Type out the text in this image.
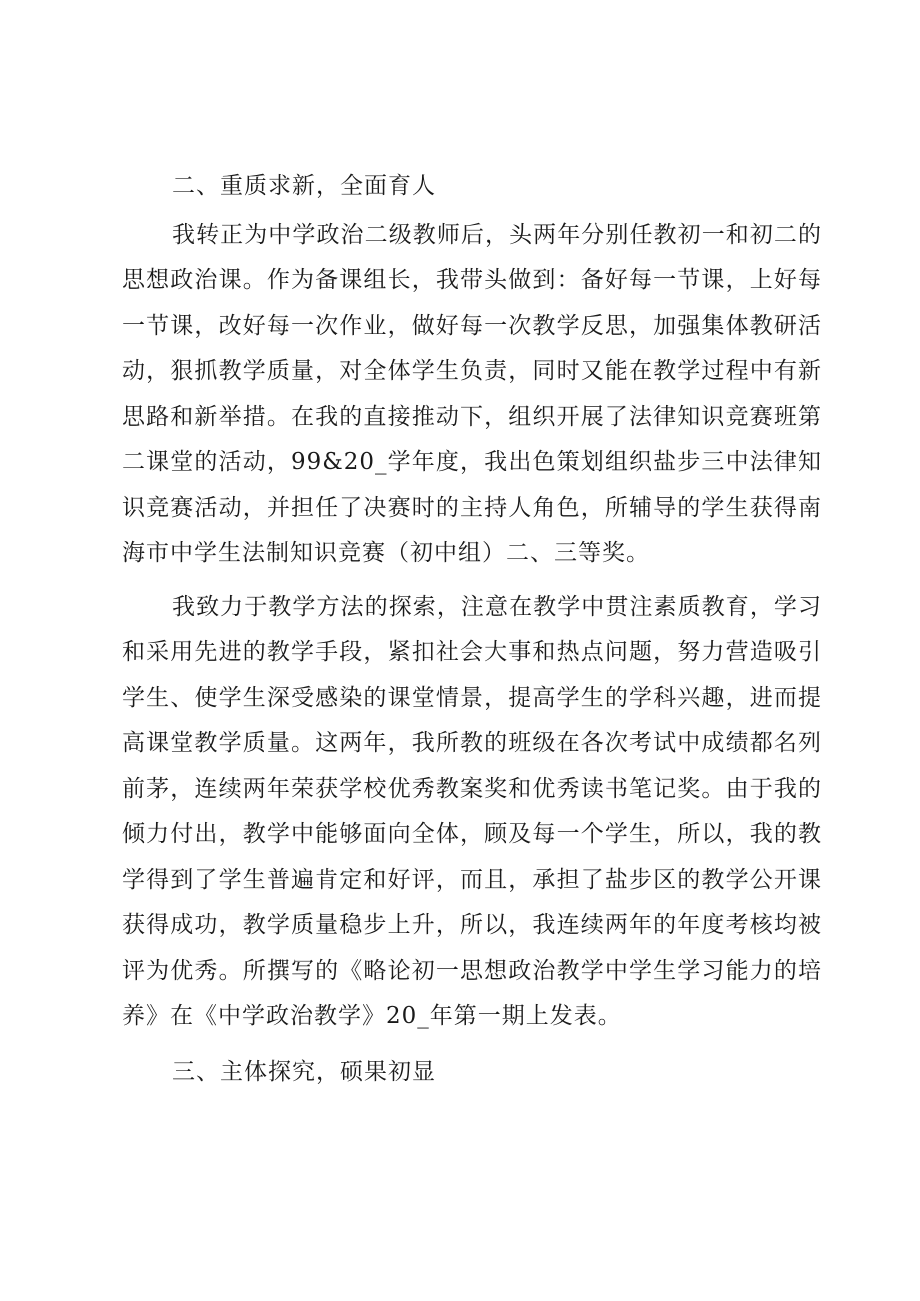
二、重质求新，全面育人

我转正为中学政治二级教师后，头两年分别任教初一和初二的思想政治课。作为备课组长，我带头做到：备好每一节课，上好每一节课，改好每一次作业，做好每一次教学反思，加强集体教研活动，狠抓教学质量，对全体学生负责，同时又能在教学过程中有新思路和新举措。在我的直接推动下，组织开展了法律知识竞赛班第二课堂的活动，99&20_学年度，我出色策划组织盐步三中法律知识竞赛活动，并担任了决赛时的主持人角色，所辅导的学生获得南海市中学生法制知识竞赛（初中组）二、三等奖。

我致力于教学方法的探索，注意在教学中贯注素质教育，学习和采用先进的教学手段，紧扣社会大事和热点问题，努力营造吸引学生、使学生深受感染的课堂情景，提高学生的学科兴趣，进而提高课堂教学质量。这两年，我所教的班级在各次考试中成绩都名列前茅，连续两年荣获学校优秀教案奖和优秀读书笔记奖。由于我的倾力付出，教学中能够面向全体，顾及每一个学生，所以，我的教学得到了学生普遍肯定和好评，而且，承担了盐步区的教学公开课获得成功，教学质量稳步上升，所以，我连续两年的年度考核均被评为优秀。所撰写的《略论初一思想政治教学中学生学习能力的培养》在《中学政治教学》20_年第一期上发表。

三、主体探究，硕果初显
